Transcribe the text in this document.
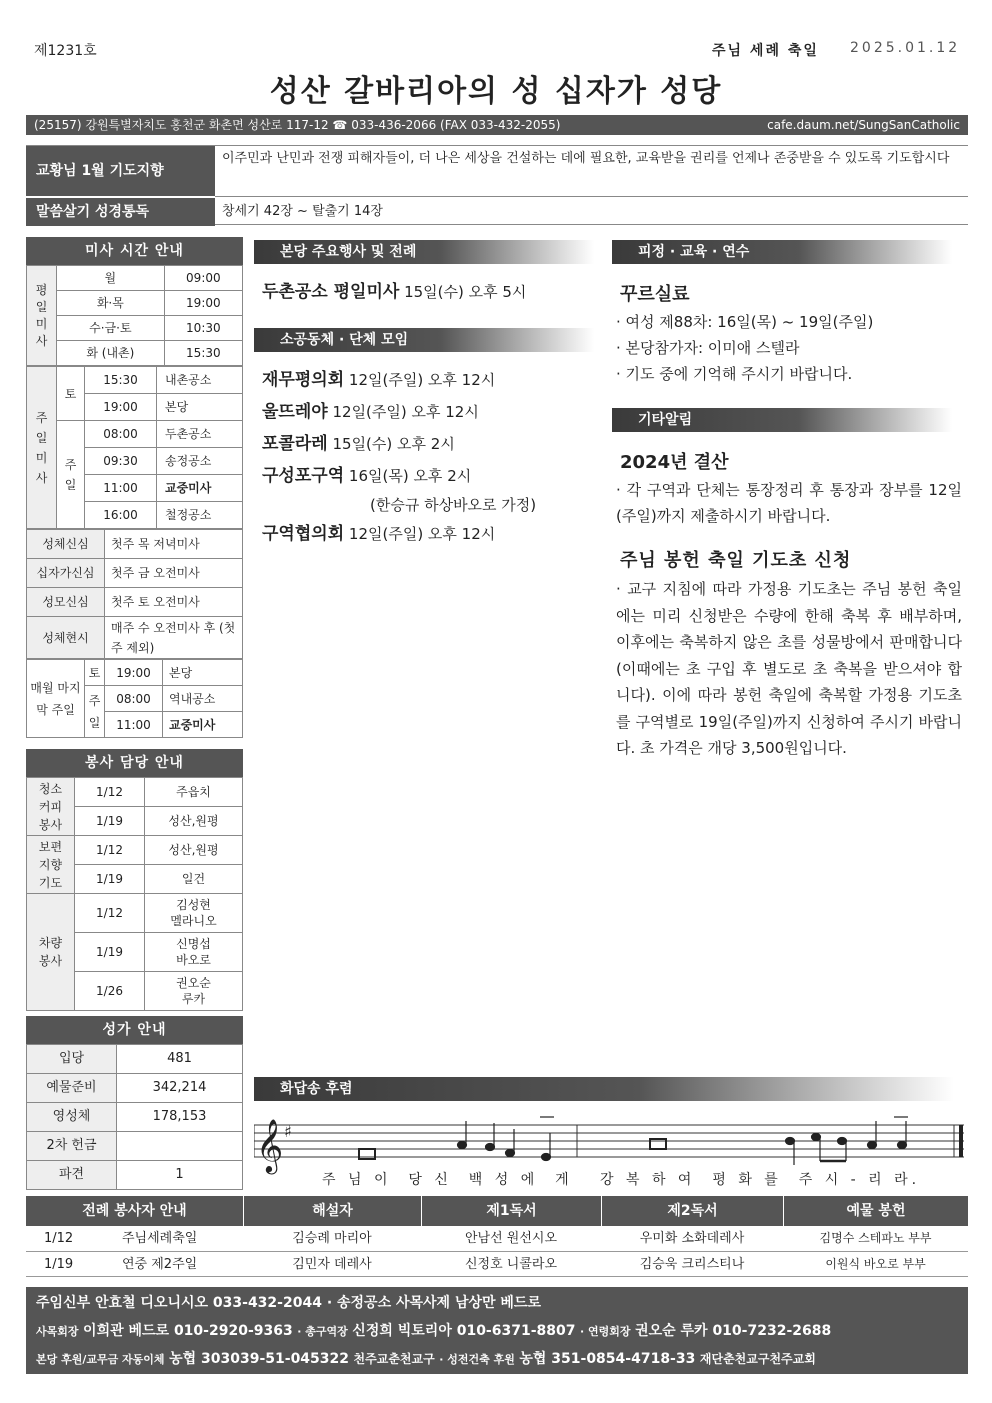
제1231호	주님 세례 축일 2025.01.12
성산 갈바리아의 성 십자가 성당
(25157) 강원특별자치도 홍천군 화촌면 성산로 117-12 ☎ 033-436-2066 (FAX 033-432-2055)	cafe.daum.net/SungSanCatholic
교황님 1월 기도지향
이주민과 난민과 전쟁 피해자들이, 더 나은 세상을 건설하는 데에 필요한, 교육받을 권리를 언제나 존중받을 수 있도록 기도합시다
말씀살기 성경통독	창세기 42장 ~ 탈출기 14장
미사 시간 안내
평일미사	월	09:00
	화·목	19:00
	수·금·토	10:30
	화 (내촌)	15:30
주일미사	토	15:30	내촌공소
		19:00	본당

	주일	08:00	두촌공소
		09:30	송정공소
		11:00	교중미사
		16:00	철정공소
성체신심	첫주 목 저녁미사
십자가신심	첫주 금 오전미사
성모신심	첫주 토 오전미사
성체현시	매주 수 오전미사 후 (첫 주 제외)
매월 마지막 주일	토	19:00	본당

	주일	08:00	역내공소
		11:00	교중미사
봉사 담당 안내
청소 커피 봉사	1/12	주읍치
	1/19	성산,원평

보편 지향 기도	1/12	성산,원평
	1/19	일건

차량 봉사	1/12	김성현 멜라니오

	1/19	신명섭 바오로

	1/26	권오순 루카
성가 안내
입당	481
예물준비	342,214
영성체	178,153
2차 헌금	
파견	1
본당 주요행사 및 전례
두촌공소 평일미사 15일(수) 오후 5시
소공동체 · 단체 모임
재무평의회 12일(주일) 오후 12시
울뜨레야 12일(주일) 오후 12시
포콜라레 15일(수) 오후 2시
구성포구역 16일(목) 오후 2시
(한승규 하상바오로 가정)
구역협의회 12일(주일) 오후 12시
피정 · 교육 · 연수
꾸르실료
· 여성 제88차: 16일(목) ~ 19일(주일)
· 본당참가자: 이미애 스텔라
· 기도 중에 기억해 주시기 바랍니다.
기타알림
2024년 결산
· 각 구역과 단체는 통장정리 후 통장과 장부를 12일(주일)까지 제출하시기 바랍니다.
주님 봉헌 축일 기도초 신청
· 교구 지침에 따라 가정용 기도초는 주님 봉헌 축일에는 미리 신청받은 수량에 한해 축복 후 배부하며, 이후에는 축복하지 않은 초를 성물방에서 판매합니다(이때에는 초 구입 후 별도로 초 축복을 받으셔야 합니다). 이에 따라 봉헌 축일에 축복할 가정용 기도초를 구역별로 19일(주일)까지 신청하여 주시기 바랍니다. 초 가격은 개당 3,500원입니다.
화답송 후렴
𝄞 ♯
주 님 이  당 신  백 성 에  게 강 복 하 여  평 화 를  주 시 - 리 라.
전례 봉사자 안내	해설자	제1독서	제2독서	예물 봉헌
1/12	주님세례축일	김승례 마리아	안남선 원선시오	우미화 소화데레사	김명수 스테파노 부부
1/19	연중 제2주일	김민자 데레사	신정호 니콜라오	김승욱 크리스티나	이원식 바오로 부부
주임신부 안효철 디오니시오 033-432-2044 · 송정공소 사목사제 남상만 베드로
사목회장 이희관 베드로 010-2920-9363 · 총구역장 신정희 빅토리아 010-6371-8807 · 연령회장 권오순 루카 010-7232-2688
본당 후원/교무금 자동이체 농협 303039-51-045322 천주교춘천교구 · 성전건축 후원 농협 351-0854-4718-33 재단춘천교구천주교회
